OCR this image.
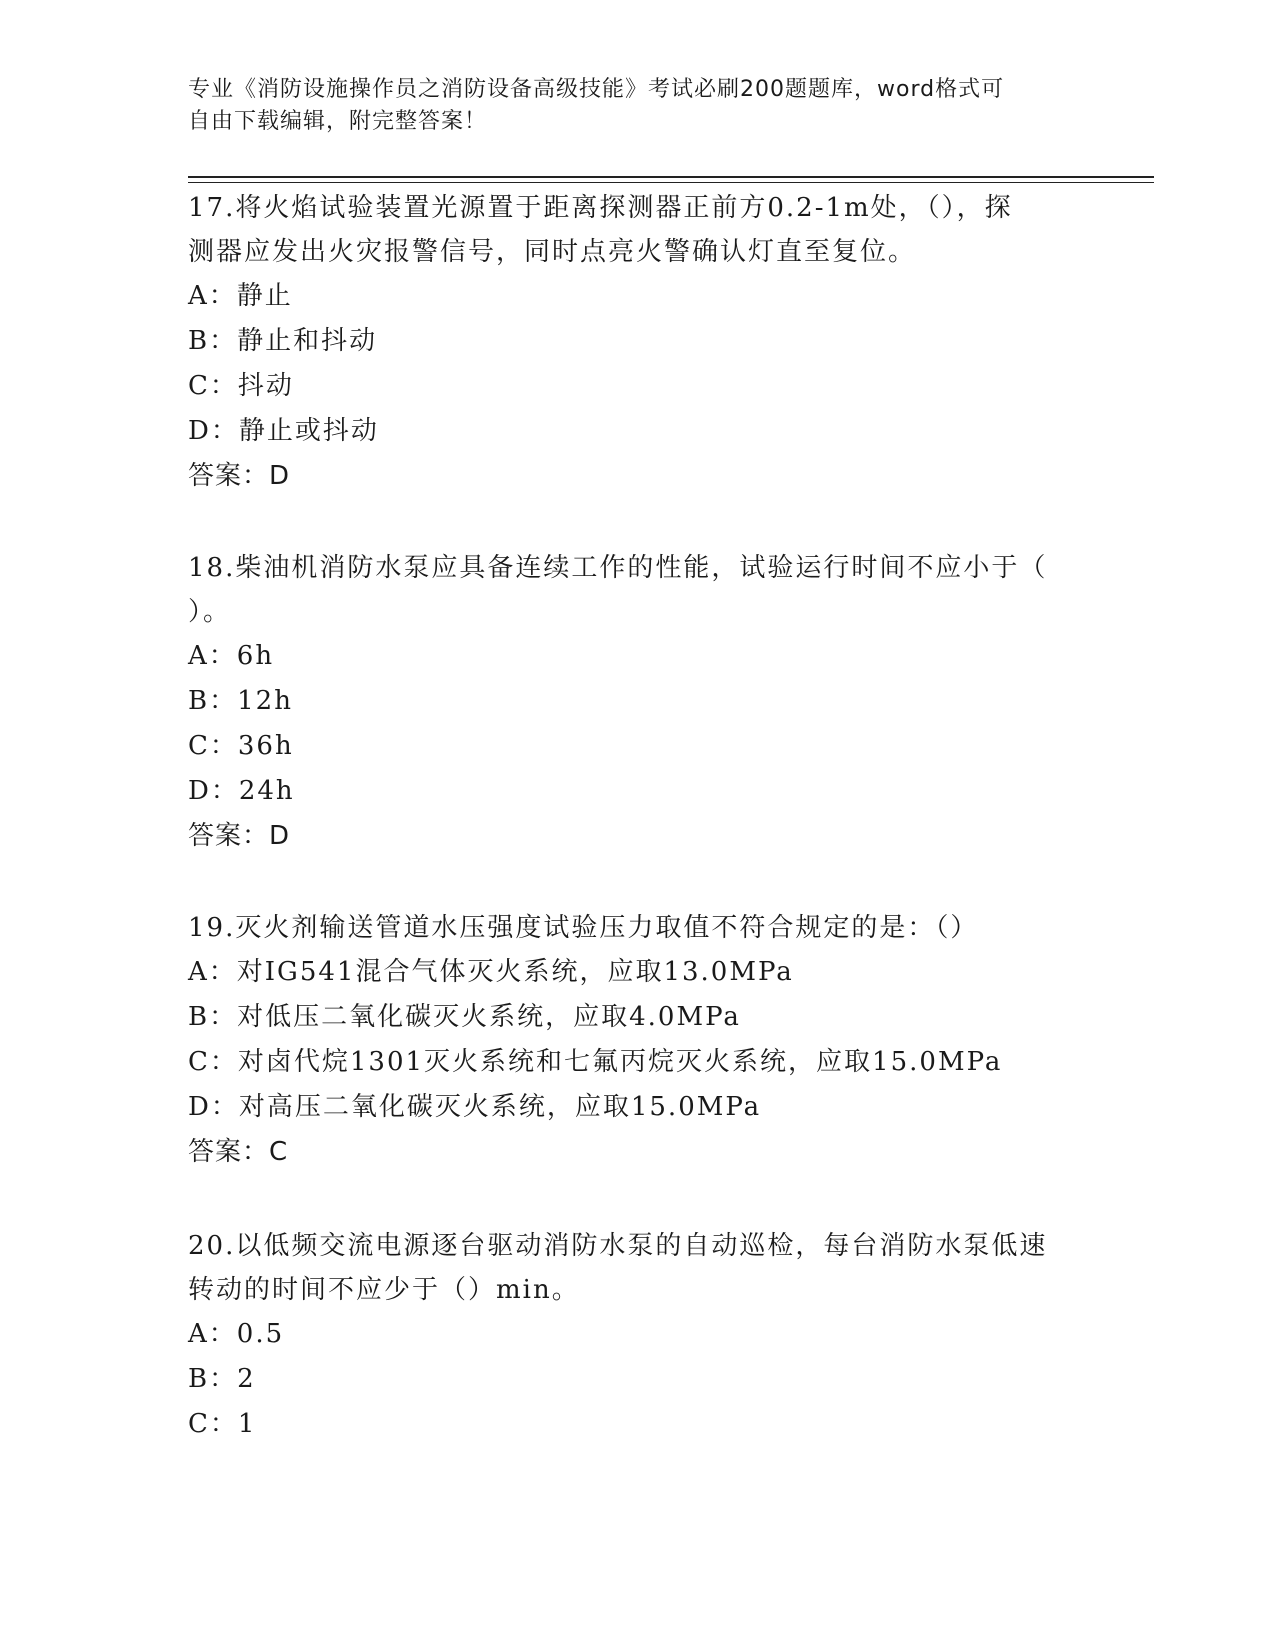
专业《消防设施操作员之消防设备高级技能》考试必刷200题题库，word格式可
自由下载编辑，附完整答案！
17.将火焰试验装置光源置于距离探测器正前方0.2-1m处，（），探
测器应发出火灾报警信号，同时点亮火警确认灯直至复位。
A：静止
B：静止和抖动
C：抖动
D：静止或抖动
答案：D
18.柴油机消防水泵应具备连续工作的性能，试验运行时间不应小于（
）。
A：6h
B：12h
C：36h
D：24h
答案：D
19.灭火剂输送管道水压强度试验压力取值不符合规定的是：（）
A：对IG541混合气体灭火系统，应取13.0MPa
B：对低压二氧化碳灭火系统，应取4.0MPa
C：对卤代烷1301灭火系统和七氟丙烷灭火系统，应取15.0MPa
D：对高压二氧化碳灭火系统，应取15.0MPa
答案：C
20.以低频交流电源逐台驱动消防水泵的自动巡检，每台消防水泵低速
转动的时间不应少于（）min。
A：0.5
B：2
C：1
